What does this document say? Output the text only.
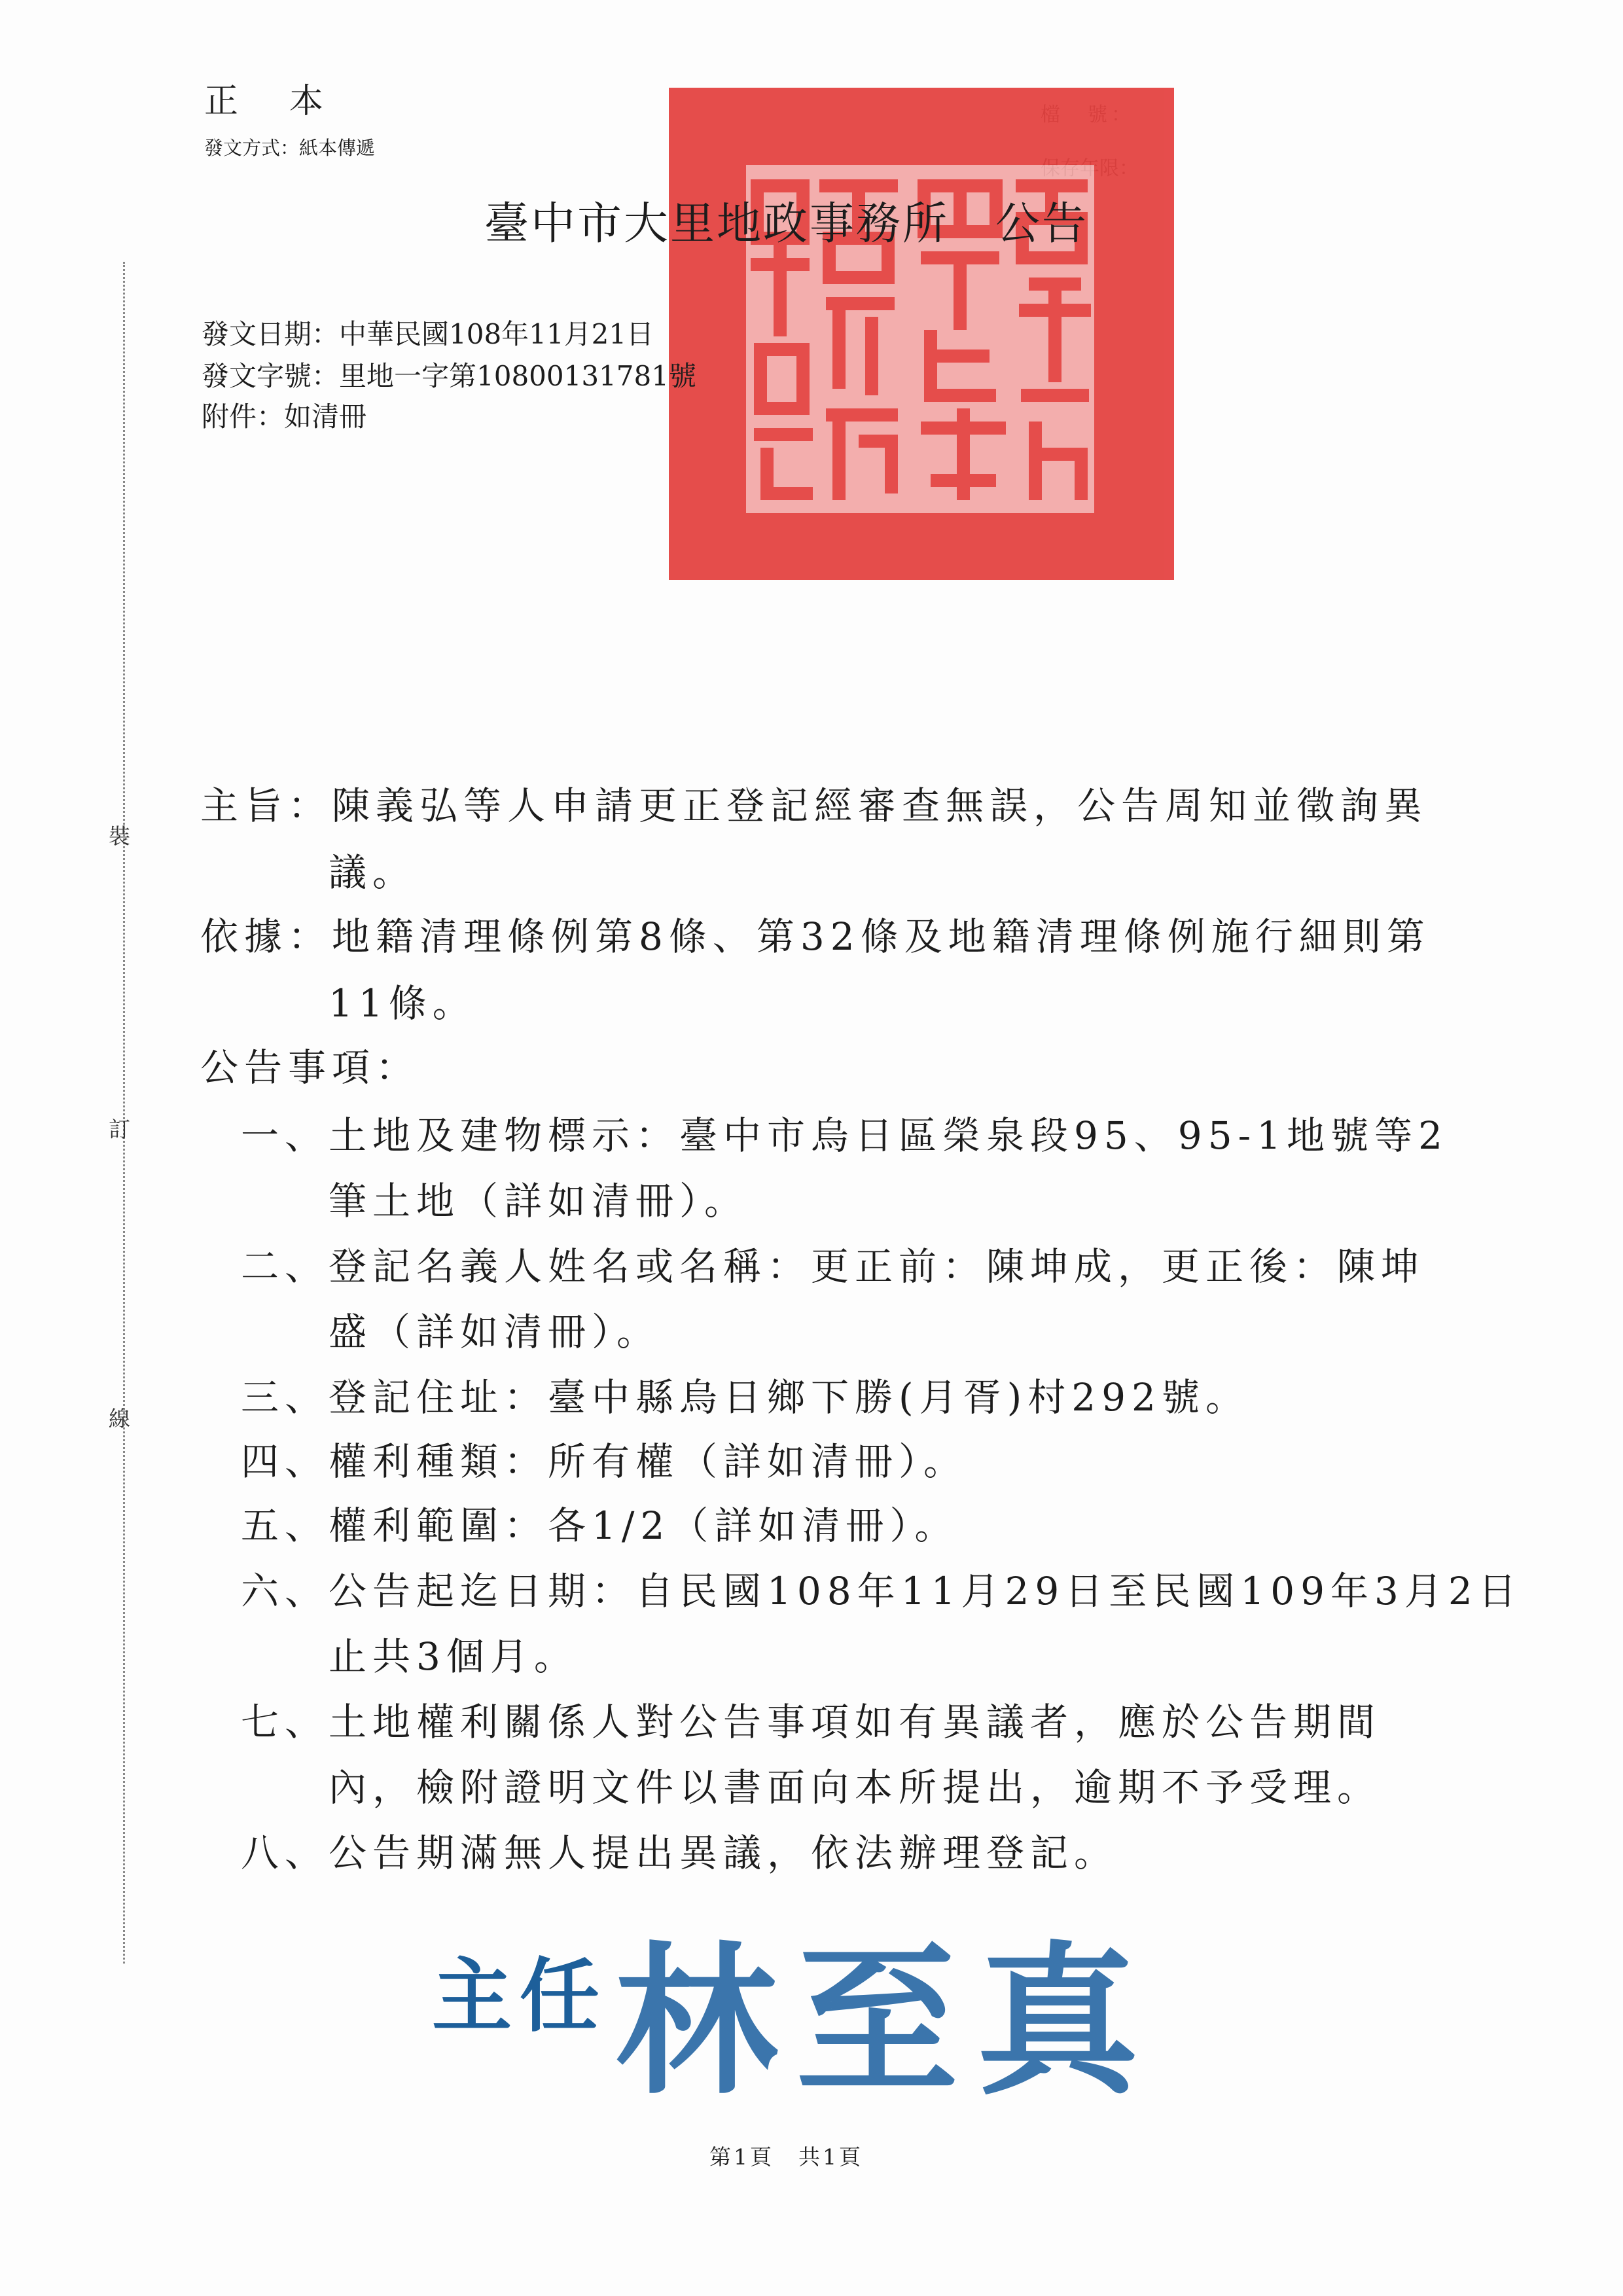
正本
發文方式：紙本傳遞
臺中市大里地政事務所　公告
發文日期：中華民國108年11月21日
發文字號：里地一字第10800131781號
附件：如清冊
裝
訂
線
主旨：陳義弘等人申請更正登記經審查無誤，公告周知並徵詢異
議。
依據：地籍清理條例第8條、第32條及地籍清理條例施行細則第
11條。
公告事項：
一、土地及建物標示：臺中市烏日區榮泉段95、95-1地號等2
筆土地（詳如清冊）。
二、登記名義人姓名或名稱：更正前：陳坤成，更正後：陳坤
盛（詳如清冊）。
三、登記住址：臺中縣烏日鄉下勝(月胥)村292號。
四、權利種類：所有權（詳如清冊）。
五、權利範圍：各1/2（詳如清冊）。
六、公告起迄日期：自民國108年11月29日至民國109年3月2日
止共3個月。
七、土地權利關係人對公告事項如有異議者，應於公告期間
內，檢附證明文件以書面向本所提出，逾期不予受理。
八、公告期滿無人提出異議，依法辦理登記。
主任 林至真
第1頁　共1頁
